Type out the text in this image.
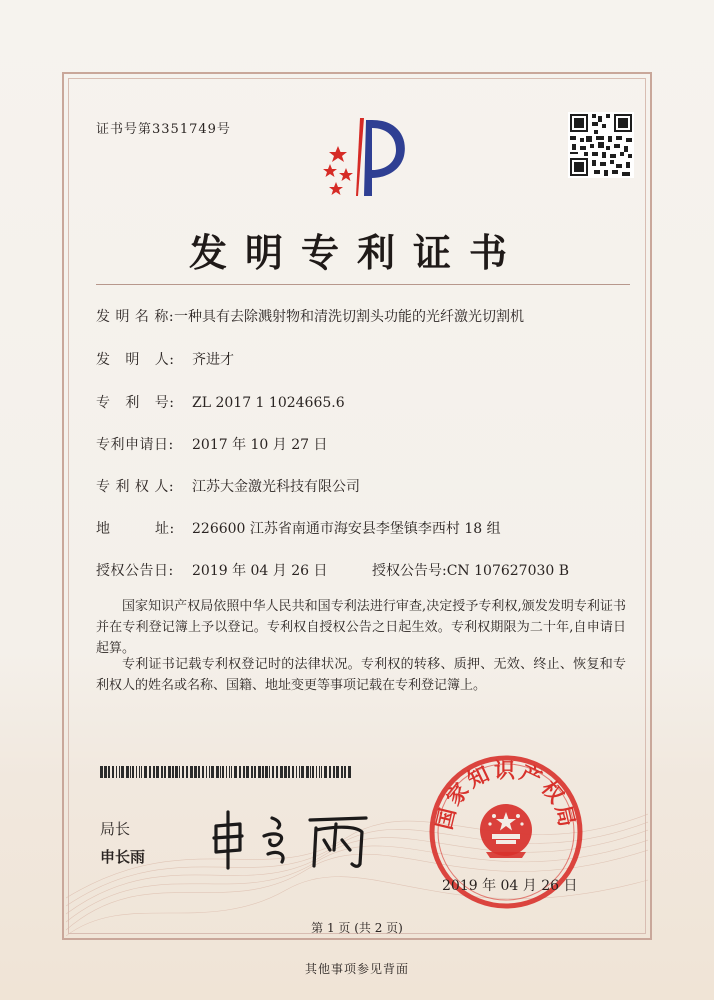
证书号第3351749号
发明专利证书
发 明 名 称:一种具有去除溅射物和清洗切割头功能的光纤激光切割机
发   明   人: 齐进才
专   利   号: ZL 2017 1 1024665.6
专利申请日: 2017 年 10 月 27 日
专 利 权 人: 江苏大金激光科技有限公司
地         址: 226600 江苏省南通市海安县李堡镇李西村 18 组
授权公告日: 2019 年 04 月 26 日	授权公告号:CN 107627030 B
国家知识产权局依照中华人民共和国专利法进行审查,决定授予专利权,颁发发明专利证书并在专利登记簿上予以登记。专利权自授权公告之日起生效。专利权期限为二十年,自申请日起算。
专利证书记载专利权登记时的法律状况。专利权的转移、质押、无效、终止、恢复和专利权人的姓名或名称、国籍、地址变更等事项记载在专利登记簿上。
局长
申长雨
国家知识产权局
2019 年 04 月 26 日
第 1 页 (共 2 页)
其他事项参见背面
